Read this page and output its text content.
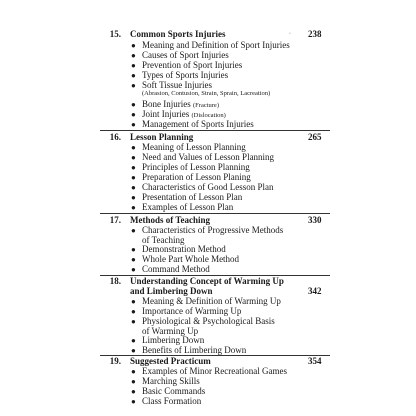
15. Common Sports Injuries	238
·
● Meaning and Definition of Sport Injuries
● Causes of Sport Injuries
● Prevention of Sport Injuries
● Types of Sports Injuries
● Soft Tissue Injuries
(Abrasion, Contusion, Strain, Sprain, Lacreation)
● Bone Injuries (Fracture)
● Joint Injuries (Dislocation)
● Management of Sports Injuries
16. Lesson Planning	265
● Meaning of Lesson Planning
● Need and Values of Lesson Planning
● Principles of Lesson Planning
● Preparation of Lesson Planing
● Characteristics of Good Lesson Plan
● Presentation of Lesson Plan
● Examples of Lesson Plan
17. Methods of Teaching	330
● Characteristics of Progressive Methods
of Teaching
● Demonstration Method
● Whole Part Whole Method
● Command Method
18. Understanding Concept of Warming Up
and Limbering Down	342
● Meaning & Definition of Warming Up
● Importance of Warming Up
● Physiological & Psychological Basis
of Warming Up
● Limbering Down
● Benefits of Limbering Down
19. Suggested Practicum	354
● Examples of Minor Recreational Games
● Marching Skills
● Basic Commands
● Class Formation
